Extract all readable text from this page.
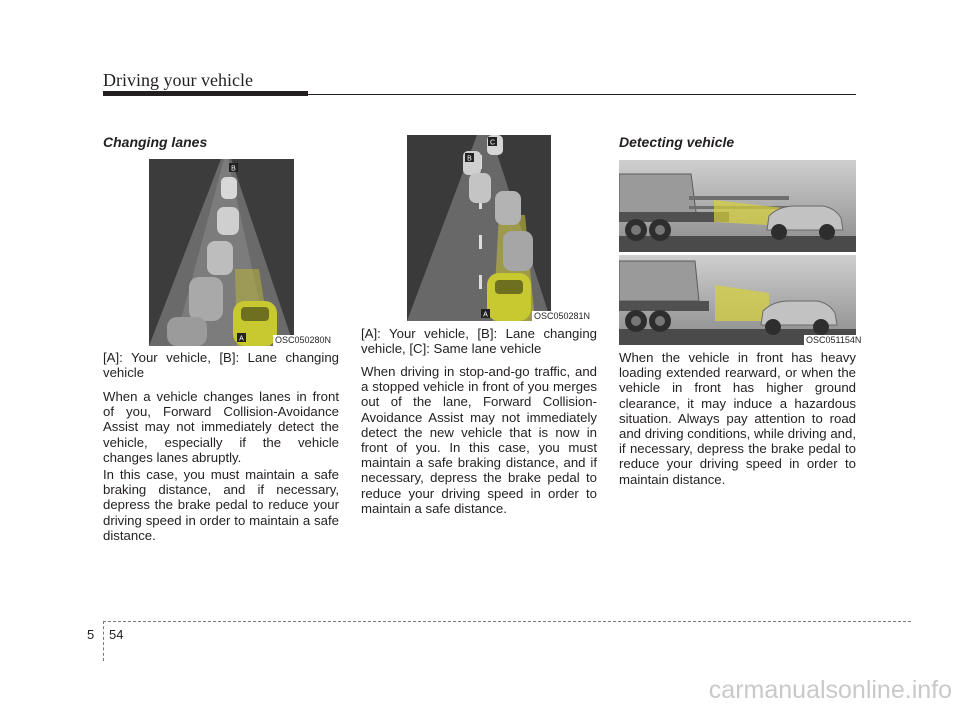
Driving your vehicle
Changing lanes
B
A	OSC050280N

[A]: Your vehicle, [B]: Lane changing vehicle

When a vehicle changes lanes in front of you, Forward Collision-Avoidance Assist may not immediately detect the vehicle, especially if the vehicle changes lanes abruptly.

In this case, you must maintain a safe braking distance, and if necessary, depress the brake pedal to reduce your driving speed in order to maintain a safe distance.

B
C
A	OSC050281N

[A]: Your vehicle, [B]: Lane changing vehicle, [C]: Same lane vehicle

When driving in stop-and-go traffic, and a stopped vehicle in front of you merges out of the lane, Forward Collision-Avoidance Assist may not immediately detect the new vehicle that is now in front of you. In this case, you must maintain a safe braking distance, and if necessary, depress the brake pedal to reduce your driving speed in order to maintain a safe distance.

Detecting vehicle
OSC051154N

When the vehicle in front has heavy loading extended rearward, or when the vehicle in front has higher ground clearance, it may induce a hazardous situation. Always pay attention to road and driving conditions, while driving and, if necessary, depress the brake pedal to reduce your driving speed in order to maintain distance.

5 54
carmanualsonline.info
